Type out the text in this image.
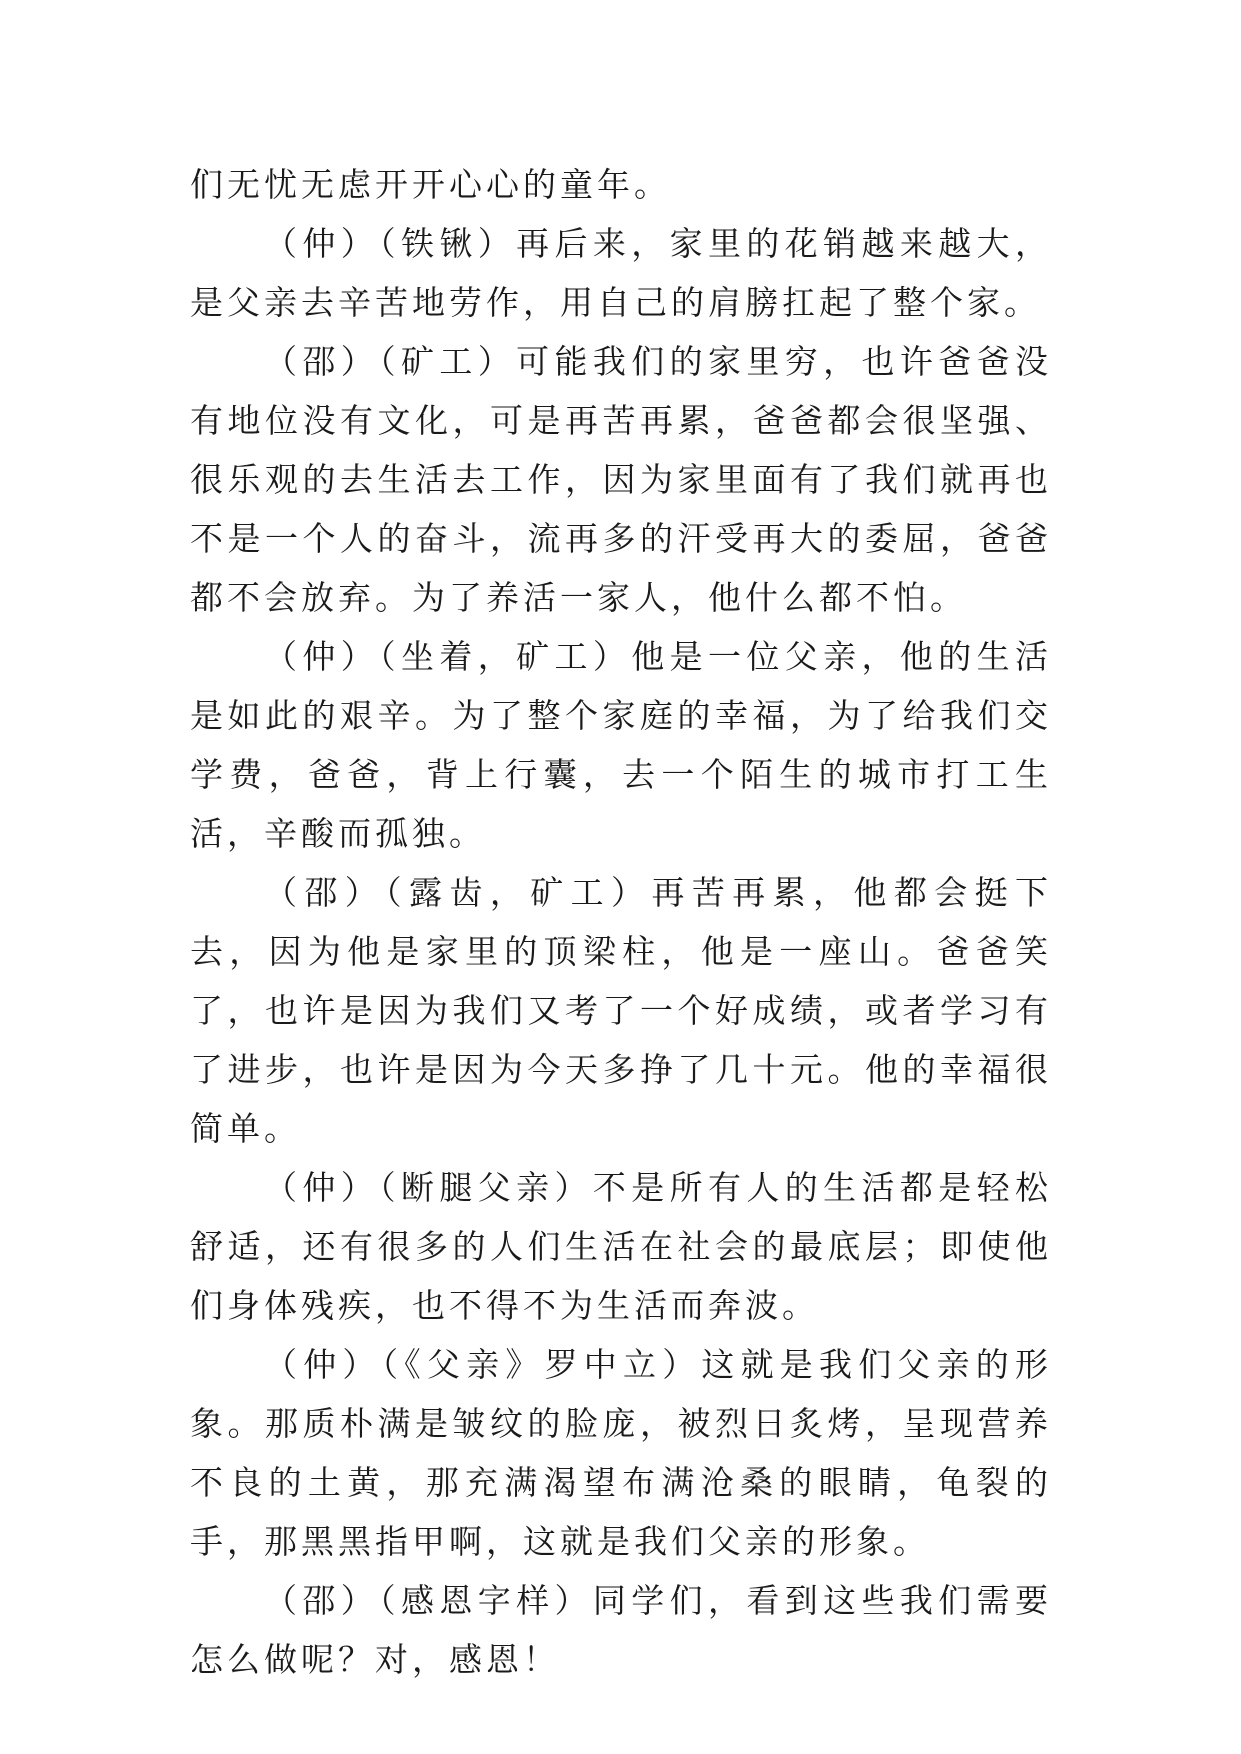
们无忧无虑开开心心的童年。

（仲）（铁锹）再后来，家里的花销越来越大，是父亲去辛苦地劳作，用自己的肩膀扛起了整个家。

（邵）（矿工）可能我们的家里穷，也许爸爸没有地位没有文化，可是再苦再累，爸爸都会很坚强、很乐观的去生活去工作，因为家里面有了我们就再也不是一个人的奋斗，流再多的汗受再大的委屈，爸爸都不会放弃。为了养活一家人，他什么都不怕。

（仲）（坐着，矿工）他是一位父亲，他的生活是如此的艰辛。为了整个家庭的幸福，为了给我们交学费，爸爸，背上行囊，去一个陌生的城市打工生活，辛酸而孤独。

（邵）（露齿，矿工）再苦再累，他都会挺下去，因为他是家里的顶梁柱，他是一座山。爸爸笑了，也许是因为我们又考了一个好成绩，或者学习有了进步，也许是因为今天多挣了几十元。他的幸福很简单。

（仲）（断腿父亲）不是所有人的生活都是轻松舒适，还有很多的人们生活在社会的最底层；即使他们身体残疾，也不得不为生活而奔波。

（仲）（《父亲》罗中立）这就是我们父亲的形象。那质朴满是皱纹的脸庞，被烈日炙烤，呈现营养不良的土黄，那充满渴望布满沧桑的眼睛，龟裂的手，那黑黑指甲啊，这就是我们父亲的形象。

（邵）（感恩字样）同学们，看到这些我们需要怎么做呢？对，感恩！
